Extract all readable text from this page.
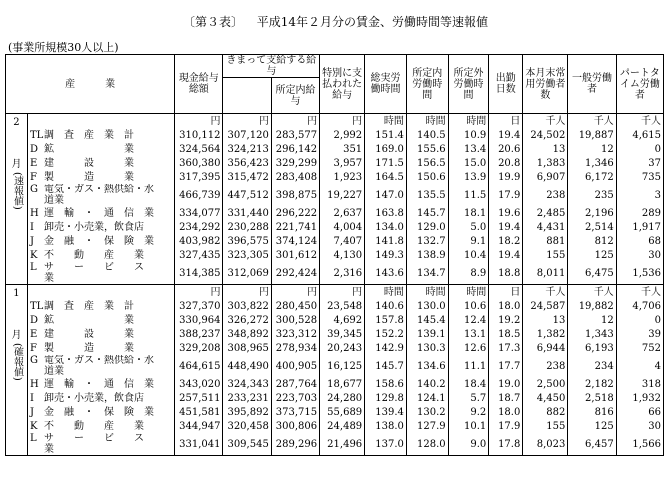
〔第３表〕 平成14年２月分の賃金、労働時間等速報値
(事業所規模30人以上)
産　　　業		現金給与総額	きまって支給する給与		特別に支払われた給与	総実労働時間	所定内労働時間	所定外労働時間	出勤日数	本月末常用労働者数	一般労働者	パートタイム労働者
				所定内給与								

2
月
(速報値)		円	円	円	円	時間	時間	時間	日	千人	千人	千人
	TL調　査　産　業　計	310,112	307,120	283,577	2,992	151.4	140.5	10.9	19.4	24,502	19,887	4,615
	D 鉱　　　　　　　業	324,564	324,213	296,142	351	169.0	155.6	13.4	20.6	13	12	0
	E 建　　　設　　　業	360,380	356,423	329,299	3,957	171.5	156.5	15.0	20.8	1,383	1,346	37
	F 製　　　造　　　業	317,395	315,472	283,408	1,923	164.5	150.6	13.9	19.9	6,907	6,172	735
	G 電気・ガス・熱供給・水道業	466,739	447,512	398,875	19,227	147.0	135.5	11.5	17.9	238	235	3
	H 運　輸　・　通　信　業	334,077	331,440	296,222	2,637	163.8	145.7	18.1	19.6	2,485	2,196	289
	I 卸売・小売業，飲食店	234,292	230,288	221,741	4,004	134.0	129.0	5.0	19.4	4,431	2,514	1,917
	J 金　融　・　保　険　業	403,982	396,575	374,124	7,407	141.8	132.7	9.1	18.2	881	812	68
	K 不　　動　　産　　業	327,435	323,305	301,612	4,130	149.3	138.9	10.4	19.4	155	125	30
	L サ　　ー　　ビ　　ス　　業	314,385	312,069	292,424	2,316	143.6	134.7	8.9	18.8	8,011	6,475	1,536

1
月
(確報値)		円	円	円	円	時間	時間	時間	日	千人	千人	千人
	TL調　査　産　業　計	327,370	303,822	280,450	23,548	140.6	130.0	10.6	18.0	24,587	19,882	4,706
	D 鉱　　　　　　　業	330,964	326,272	300,528	4,692	157.8	145.4	12.4	19.2	13	12	0
	E 建　　　設　　　業	388,237	348,892	323,312	39,345	152.2	139.1	13.1	18.5	1,382	1,343	39
	F 製　　　造　　　業	329,208	308,965	278,934	20,243	142.9	130.3	12.6	17.3	6,944	6,193	752
	G 電気・ガス・熱供給・水道業	464,615	448,490	400,905	16,125	145.7	134.6	11.1	17.7	238	234	4
	H 運　輸　・　通　信　業	343,020	324,343	287,764	18,677	158.6	140.2	18.4	19.0	2,500	2,182	318
	I 卸売・小売業，飲食店	257,511	233,231	223,703	24,280	129.8	124.1	5.7	18.7	4,450	2,518	1,932
	J 金　融　・　保　険　業	451,581	395,892	373,715	55,689	139.4	130.2	9.2	18.0	882	816	66
	K 不　　動　　産　　業	344,947	320,458	300,806	24,489	138.0	127.9	10.1	17.9	155	125	30
	L サ　　ー　　ビ　　ス　　業	331,041	309,545	289,296	21,496	137.0	128.0	9.0	17.8	8,023	6,457	1,566
